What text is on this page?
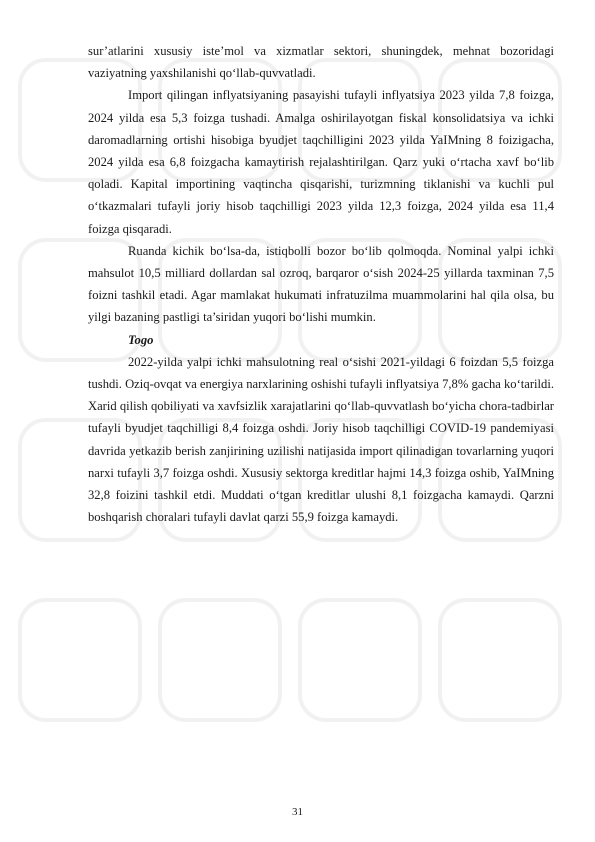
sur’atlarini xususiy iste’mol va xizmatlar sektori, shuningdek, mehnat bozoridagi vaziyatning yaxshilanishi qo‘llab-quvvatladi.

Import qilingan inflyatsiyaning pasayishi tufayli inflyatsiya 2023 yilda 7,8 foizga, 2024 yilda esa 5,3 foizga tushadi. Amalga oshirilayotgan fiskal konsolidatsiya va ichki daromadlarning ortishi hisobiga byudjet taqchilligini 2023 yilda YaIMning 8 foizigacha, 2024 yilda esa 6,8 foizgacha kamaytirish rejalashtirilgan. Qarz yuki o‘rtacha xavf bo‘lib qoladi. Kapital importining vaqtincha qisqarishi, turizmning tiklanishi va kuchli pul o‘tkazmalari tufayli joriy hisob taqchilligi 2023 yilda 12,3 foizga, 2024 yilda esa 11,4 foizga qisqaradi.

Ruanda kichik bo‘lsa-da, istiqbolli bozor bo‘lib qolmoqda. Nominal yalpi ichki mahsulot 10,5 milliard dollardan sal ozroq, barqaror o‘sish 2024-25 yillarda taxminan 7,5 foizni tashkil etadi. Agar mamlakat hukumati infratuzilma muammolarini hal qila olsa, bu yilgi bazaning pastligi ta’siridan yuqori bo‘lishi mumkin.

Togo

2022-yilda yalpi ichki mahsulotning real o‘sishi 2021-yildagi 6 foizdan 5,5 foizga tushdi. Oziq-ovqat va energiya narxlarining oshishi tufayli inflyatsiya 7,8% gacha ko‘tarildi. Xarid qilish qobiliyati va xavfsizlik xarajatlarini qo‘llab-quvvatlash bo‘yicha chora-tadbirlar tufayli byudjet taqchilligi 8,4 foizga oshdi. Joriy hisob taqchilligi COVID-19 pandemiyasi davrida yetkazib berish zanjirining uzilishi natijasida import qilinadigan tovarlarning yuqori narxi tufayli 3,7 foizga oshdi. Xususiy sektorga kreditlar hajmi 14,3 foizga oshib, YaIMning 32,8 foizini tashkil etdi. Muddati o‘tgan kreditlar ulushi 8,1 foizgacha kamaydi. Qarzni boshqarish choralari tufayli davlat qarzi 55,9 foizga kamaydi.

31
